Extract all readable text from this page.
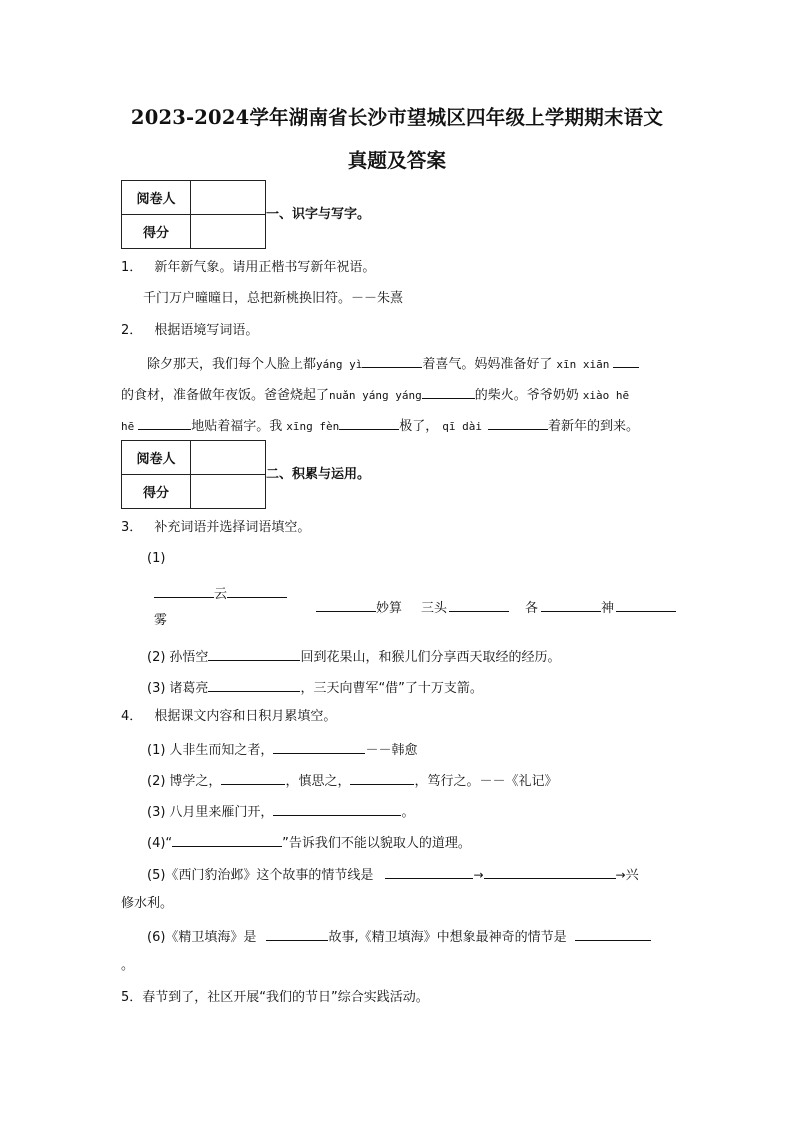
2023-2024学年湖南省长沙市望城区四年级上学期期末语文
真题及答案
阅卷人	
得分	
一、识字与写字。
1． 新年新气象。请用正楷书写新年祝语。
千门万户曈曈日，总把新桃换旧符。－－朱熹
2． 根据语境写词语。
除夕那天，我们每个人脸上都yáng yì	着喜气。妈妈准备好了 xīn xiān
的食材，准备做年夜饭。爸爸烧起了nuǎn yáng yáng	的柴火。爷爷奶奶 xiào hē
hē	地贴着福字。我 xīng fèn	极了， qī dài	着新年的到来。
阅卷人	
得分	
二、积累与运用。
3． 补充词语并选择词语填空。
(1)
云
雾
妙算 三头	各	神
(2) 孙悟空	回到花果山，和猴儿们分享西天取经的经历。
(3) 诸葛亮	，三天向曹军“借”了十万支箭。
4． 根据课文内容和日积月累填空。
(1) 人非生而知之者，	－－韩愈
(2) 博学之，	，慎思之，	，笃行之。－－《礼记》
(3) 八月里来雁门开，	。
(4)“	”告诉我们不能以貌取人的道理。
(5)《西门豹治邺》这个故事的情节线是	→	→兴
修水利。
(6)《精卫填海》是	故事,《精卫填海》中想象最神奇的情节是
。
5．春节到了，社区开展“我们的节日”综合实践活动。
